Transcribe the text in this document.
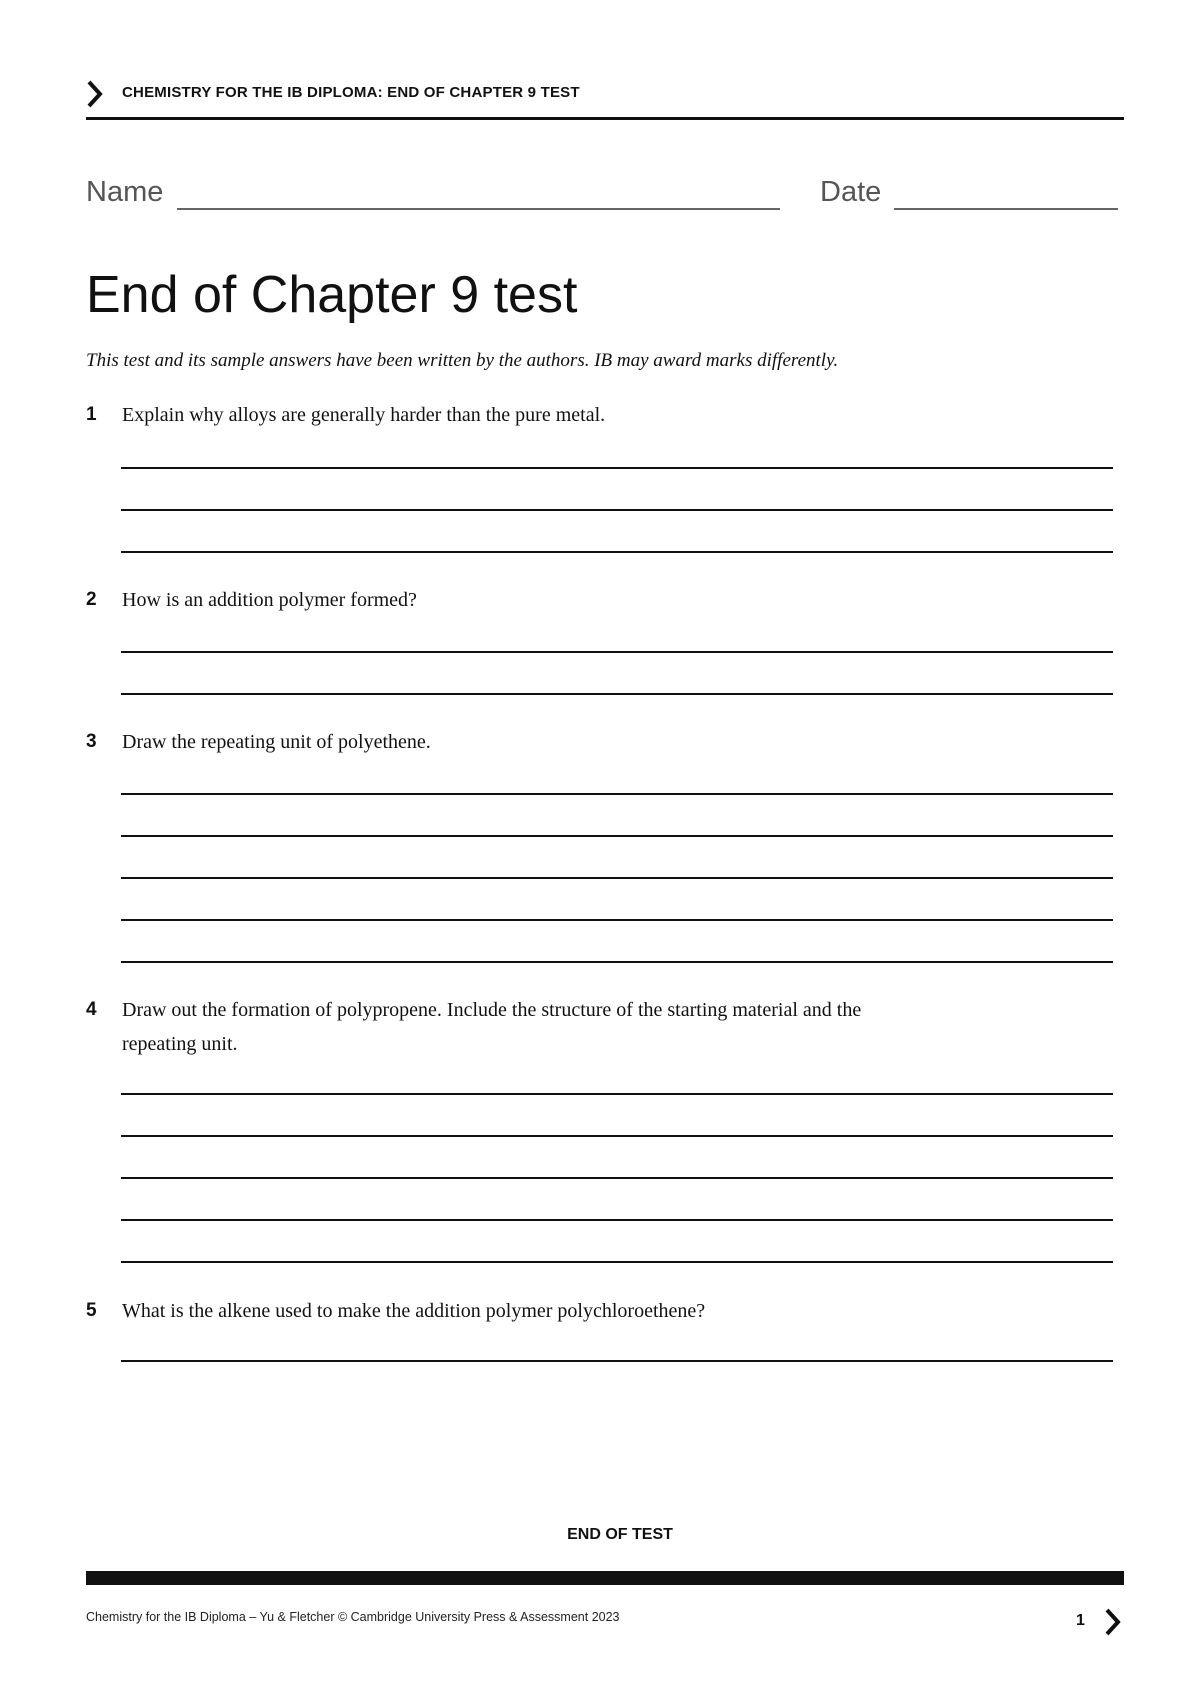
CHEMISTRY FOR THE IB DIPLOMA: END OF CHAPTER 9 TEST
Name	Date
End of Chapter 9 test
This test and its sample answers have been written by the authors. IB may award marks differently.
1 Explain why alloys are generally harder than the pure metal.
2 How is an addition polymer formed?
3 Draw the repeating unit of polyethene.
4 Draw out the formation of polypropene. Include the structure of the starting material and the
repeating unit.
5 What is the alkene used to make the addition polymer polychloroethene?
END OF TEST
Chemistry for the IB Diploma – Yu & Fletcher © Cambridge University Press & Assessment 2023	1
